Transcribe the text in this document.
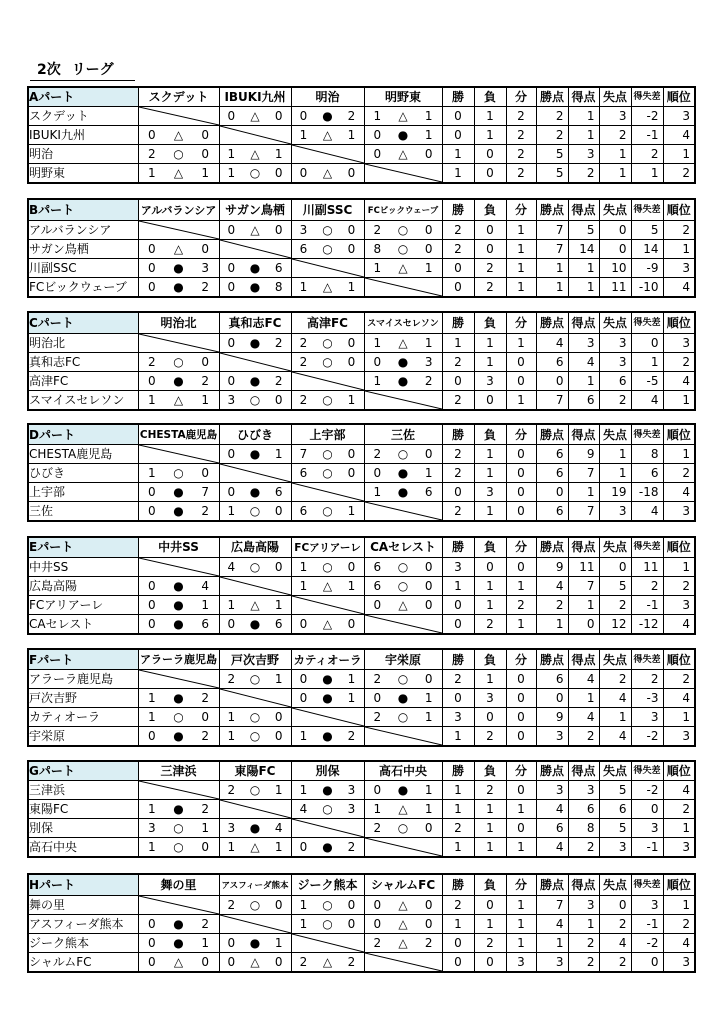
2次 リーグ
Aパート	スクデット	IBUKI九州	明治	明野東	勝	負	分	勝点	得点	失点	得失差	順位
スクデット		0 △ 0	0 ● 2	1 △ 1	0	1	2	2	1	3	-2	3
IBUKI九州	0 △ 0		1 △ 1	0 ● 1	0	1	2	2	1	2	-1	4
明治	2 ○ 0	1 △ 1		0 △ 0	1	0	2	5	3	1	2	1
明野東	1 △ 1	1 ○ 0	0 △ 0		1	0	2	5	2	1	1	2
Bパート	アルバランシア	サガン鳥栖	川副SSC	FCビックウェーブ	勝	負	分	勝点	得点	失点	得失差	順位
アルバランシア		0 △ 0	3 ○ 0	2 ○ 0	2	0	1	7	5	0	5	2
サガン鳥栖	0 △ 0		6 ○ 0	8 ○ 0	2	0	1	7	14	0	14	1
川副SSC	0 ● 3	0 ● 6		1 △ 1	0	2	1	1	1	10	-9	3
FCビックウェーブ	0 ● 2	0 ● 8	1 △ 1		0	2	1	1	1	11	-10	4
Cパート	明治北	真和志FC	高津FC	スマイスセレソン	勝	負	分	勝点	得点	失点	得失差	順位
明治北		0 ● 2	2 ○ 0	1 △ 1	1	1	1	4	3	3	0	3
真和志FC	2 ○ 0		2 ○ 0	0 ● 3	2	1	0	6	4	3	1	2
高津FC	0 ● 2	0 ● 2		1 ● 2	0	3	0	0	1	6	-5	4
スマイスセレソン	1 △ 1	3 ○ 0	2 ○ 1		2	0	1	7	6	2	4	1
Dパート	CHESTA鹿児島	ひびき	上宇部	三佐	勝	負	分	勝点	得点	失点	得失差	順位
CHESTA鹿児島		0 ● 1	7 ○ 0	2 ○ 0	2	1	0	6	9	1	8	1
ひびき	1 ○ 0		6 ○ 0	0 ● 1	2	1	0	6	7	1	6	2
上宇部	0 ● 7	0 ● 6		1 ● 6	0	3	0	0	1	19	-18	4
三佐	0 ● 2	1 ○ 0	6 ○ 1		2	1	0	6	7	3	4	3
Eパート	中井SS	広島高陽	FCアリアーレ	CAセレスト	勝	負	分	勝点	得点	失点	得失差	順位
中井SS		4 ○ 0	1 ○ 0	6 ○ 0	3	0	0	9	11	0	11	1
広島高陽	0 ● 4		1 △ 1	6 ○ 0	1	1	1	4	7	5	2	2
FCアリアーレ	0 ● 1	1 △ 1		0 △ 0	0	1	2	2	1	2	-1	3
CAセレスト	0 ● 6	0 ● 6	0 △ 0		0	2	1	1	0	12	-12	4
Fパート	アラーラ鹿児島	戸次吉野	カティオーラ	宇栄原	勝	負	分	勝点	得点	失点	得失差	順位
アラーラ鹿児島		2 ○ 1	0 ● 1	2 ○ 0	2	1	0	6	4	2	2	2
戸次吉野	1 ● 2		0 ● 1	0 ● 1	0	3	0	0	1	4	-3	4
カティオーラ	1 ○ 0	1 ○ 0		2 ○ 1	3	0	0	9	4	1	3	1
宇栄原	0 ● 2	1 ○ 0	1 ● 2		1	2	0	3	2	4	-2	3
Gパート	三津浜	東陽FC	別保	高石中央	勝	負	分	勝点	得点	失点	得失差	順位
三津浜		2 ○ 1	1 ● 3	0 ● 1	1	2	0	3	3	5	-2	4
東陽FC	1 ● 2		4 ○ 3	1 △ 1	1	1	1	4	6	6	0	2
別保	3 ○ 1	3 ● 4		2 ○ 0	2	1	0	6	8	5	3	1
高石中央	1 ○ 0	1 △ 1	0 ● 2		1	1	1	4	2	3	-1	3
Hパート	舞の里	アスフィーダ熊本	ジーク熊本	シャルムFC	勝	負	分	勝点	得点	失点	得失差	順位
舞の里		2 ○ 0	1 ○ 0	0 △ 0	2	0	1	7	3	0	3	1
アスフィーダ熊本	0 ● 2		1 ○ 0	0 △ 0	1	1	1	4	1	2	-1	2
ジーク熊本	0 ● 1	0 ● 1		2 △ 2	0	2	1	1	2	4	-2	4
シャルムFC	0 △ 0	0 △ 0	2 △ 2		0	0	3	3	2	2	0	3
